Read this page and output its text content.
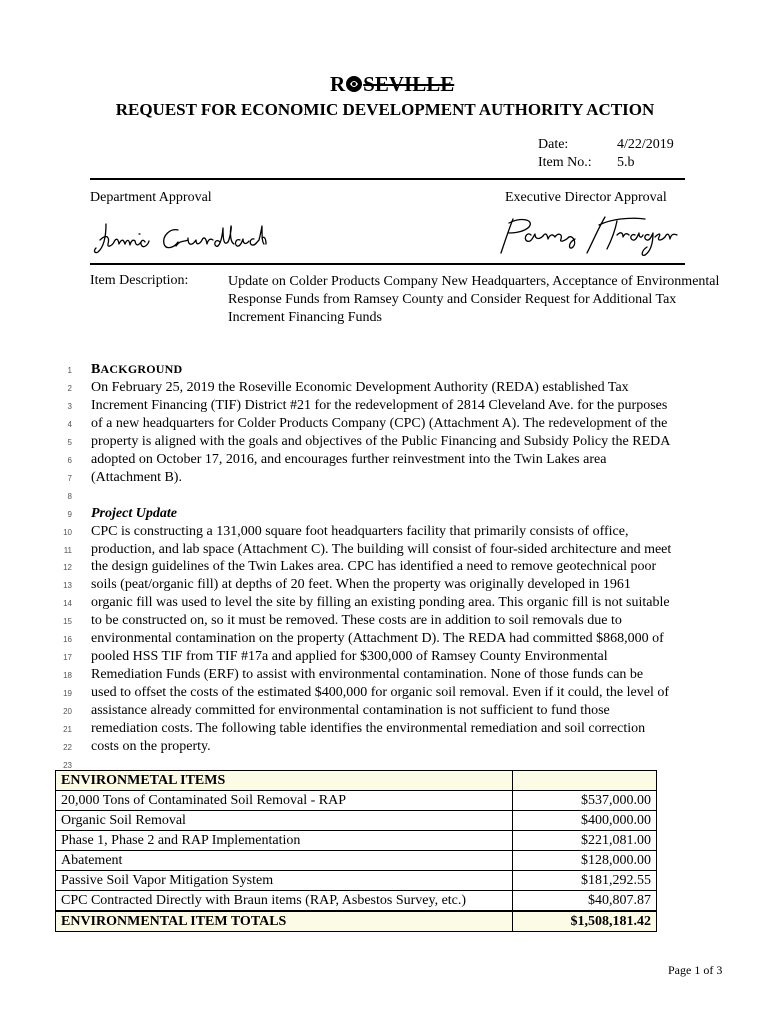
R SEVILLE
REQUEST FOR ECONOMIC DEVELOPMENT AUTHORITY ACTION
Date:	4/22/2019
Item No.: 5.b
Department Approval	Executive Director Approval
Item Description:	Update on Colder Products Company New Headquarters, Acceptance of Environmental Response Funds from Ramsey County and Consider Request for Additional Tax Increment Financing Funds
1 BACKGROUND
2 On February 25, 2019 the Roseville Economic Development Authority (REDA) established Tax
3 Increment Financing (TIF) District #21 for the redevelopment of 2814 Cleveland Ave. for the purposes
4 of a new headquarters for Colder Products Company (CPC) (Attachment A). The redevelopment of the
5 property is aligned with the goals and objectives of the Public Financing and Subsidy Policy the REDA
6 adopted on October 17, 2016, and encourages further reinvestment into the Twin Lakes area
7 (Attachment B).
8
9 Project Update
10 CPC is constructing a 131,000 square foot headquarters facility that primarily consists of office,
11 production, and lab space (Attachment C). The building will consist of four-sided architecture and meet
12 the design guidelines of the Twin Lakes area. CPC has identified a need to remove geotechnical poor
13 soils (peat/organic fill) at depths of 20 feet. When the property was originally developed in 1961
14 organic fill was used to level the site by filling an existing ponding area. This organic fill is not suitable
15 to be constructed on, so it must be removed. These costs are in addition to soil removals due to
16 environmental contamination on the property (Attachment D). The REDA had committed $868,000 of
17 pooled HSS TIF from TIF #17a and applied for $300,000 of Ramsey County Environmental
18 Remediation Funds (ERF) to assist with environmental contamination. None of those funds can be
19 used to offset the costs of the estimated $400,000 for organic soil removal. Even if it could, the level of
20 assistance already committed for environmental contamination is not sufficient to fund those
21 remediation costs. The following table identifies the environmental remediation and soil correction
22 costs on the property.
23
ENVIRONMETAL ITEMS	
20,000 Tons of Contaminated Soil Removal - RAP	$537,000.00
Organic Soil Removal	$400,000.00
Phase 1, Phase 2 and RAP Implementation	$221,081.00
Abatement	$128,000.00
Passive Soil Vapor Mitigation System	$181,292.55
CPC Contracted Directly with Braun items (RAP, Asbestos Survey, etc.)	$40,807.87
ENVIRONMENTAL ITEM TOTALS	$1,508,181.42
Page 1 of 3
